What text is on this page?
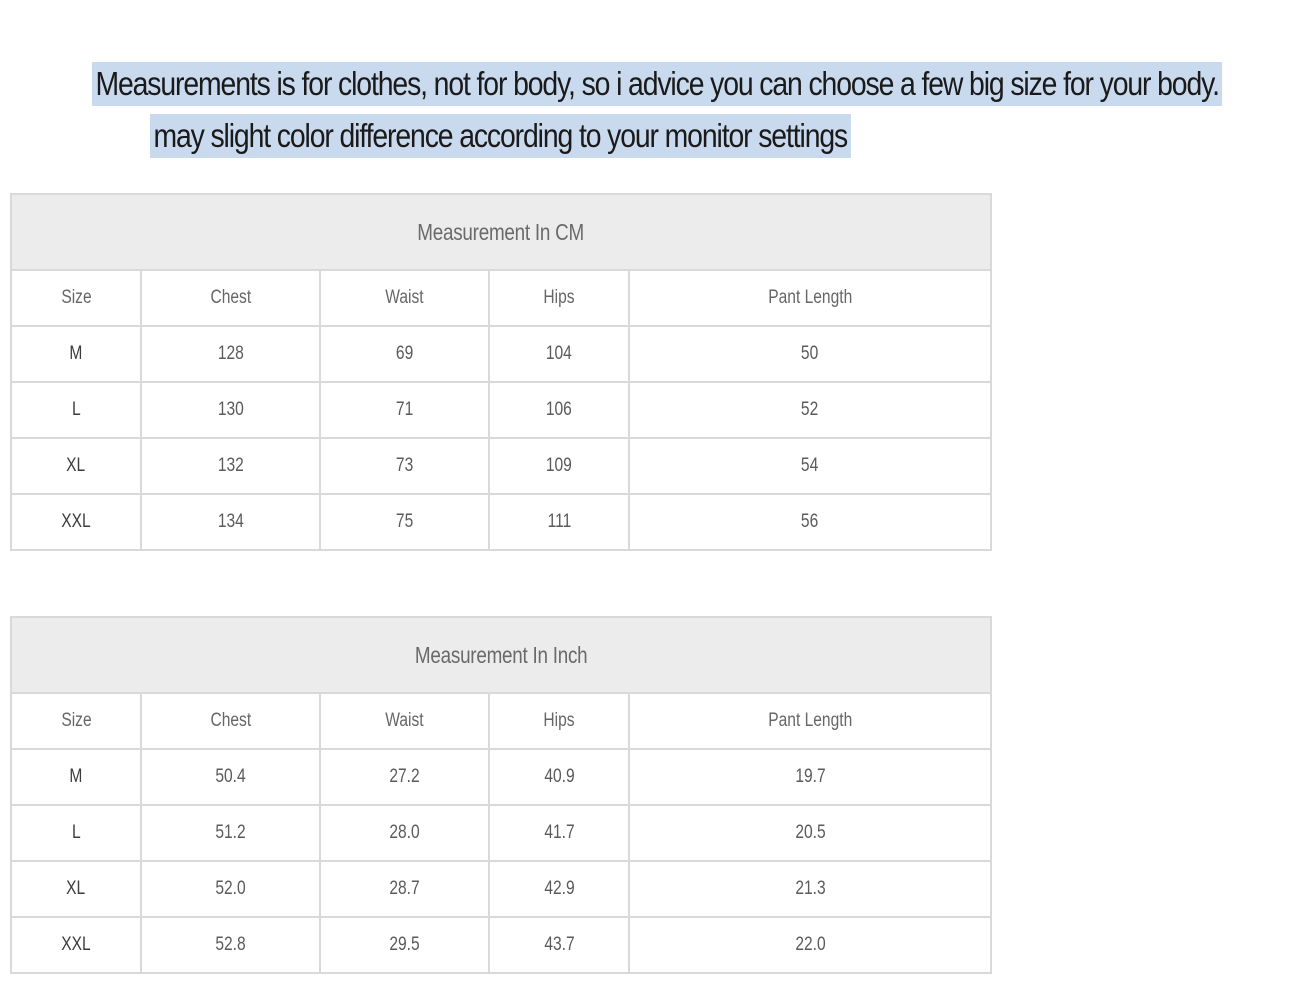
Measurements is for clothes, not for body, so i advice you can choose a few big size for your body.
may slight color difference according to your monitor settings
Measurement In CM				
Size	Chest	Waist	Hips	Pant Length
M	128	69	104	50
L	130	71	106	52
XL	132	73	109	54
XXL	134	75	111	56
Measurement In Inch				
Size	Chest	Waist	Hips	Pant Length
M	50.4	27.2	40.9	19.7
L	51.2	28.0	41.7	20.5
XL	52.0	28.7	42.9	21.3
XXL	52.8	29.5	43.7	22.0
